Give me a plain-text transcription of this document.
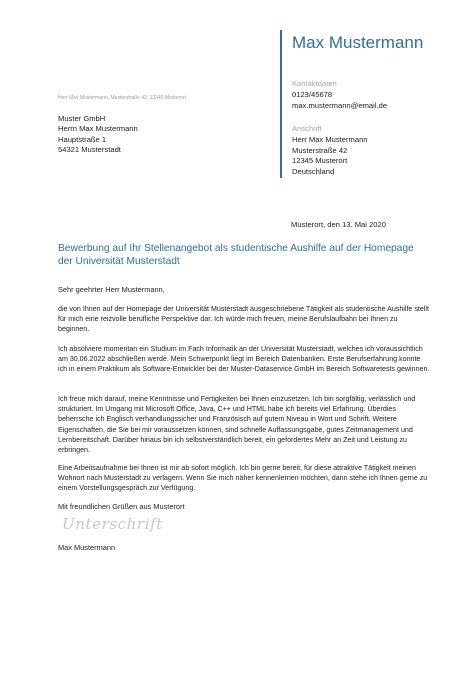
Max Mustermann
Kontaktdaten
0123/45678
max.mustermann@email.de
Anschrift
Herr Max Mustermann
Musterstraße 42
12345 Musterort
Deutschland
Herr Max Mustermann, Musterstraße 42, 12345 Musterort
Muster GmbH
Herrn Max Mustermann
Hauptstraße 1
54321 Musterstadt
Musterort, den 13. Mai 2020
Bewerbung auf Ihr Stellenangebot als studentische Aushilfe auf der Homepage der Universität Musterstadt
Sehr geehrter Herr Mustermann,
die von Ihnen auf der Homepage der Universität Musterstadt ausgeschriebene Tätigkeit als studentische Aushilfe stellt für mich eine reizvolle berufliche Perspektive dar. Ich würde mich freuen, meine Berufslaufbahn bei Ihnen zu beginnen.
Ich absolviere momentan ein Studium im Fach Informatik an der Universität Musterstadt, welches ich voraussichtlich am 30.06.2022 abschließen werde. Mein Schwerpunkt liegt im Bereich Datenbanken. Erste Berufserfahrung konnte ich in einem Praktikum als Software-Entwickler bei der Muster-Dataservice GmbH im Bereich Softwaretests gewinnen.
Ich freue mich darauf, meine Kenntnisse und Fertigkeiten bei Ihnen einzusetzen. Ich bin sorgfältig, verlässlich und strukturiert. Im Umgang mit Microsoft Office, Java, C++ und HTML habe ich bereits viel Erfahrung. Überdies beherrsche ich Englisch verhandlungssicher und Französisch auf gutem Niveau in Wort und Schrift. Weitere Eigenschaften, die Sie bei mir voraussetzen können, sind schnelle Auffassungsgabe, gutes Zeitmanagement und Lernbereitschaft. Darüber hinaus bin ich selbstverständlich bereit, ein gefordertes Mehr an Zeit und Leistung zu erbringen.
Eine Arbeitsaufnahme bei Ihnen ist mir ab sofort möglich. Ich bin gerne bereit, für diese attraktive Tätigkeit meinen Wohnort nach Musterstadt zu verlagern. Wenn Sie mich näher kennenlernen möchten, dann stehe ich Ihnen gerne zu einem Vorstellungsgespräch zur Verfügung.
Mit freundlichen Grüßen aus Musterort
Unterschrift
Max Mustermann
